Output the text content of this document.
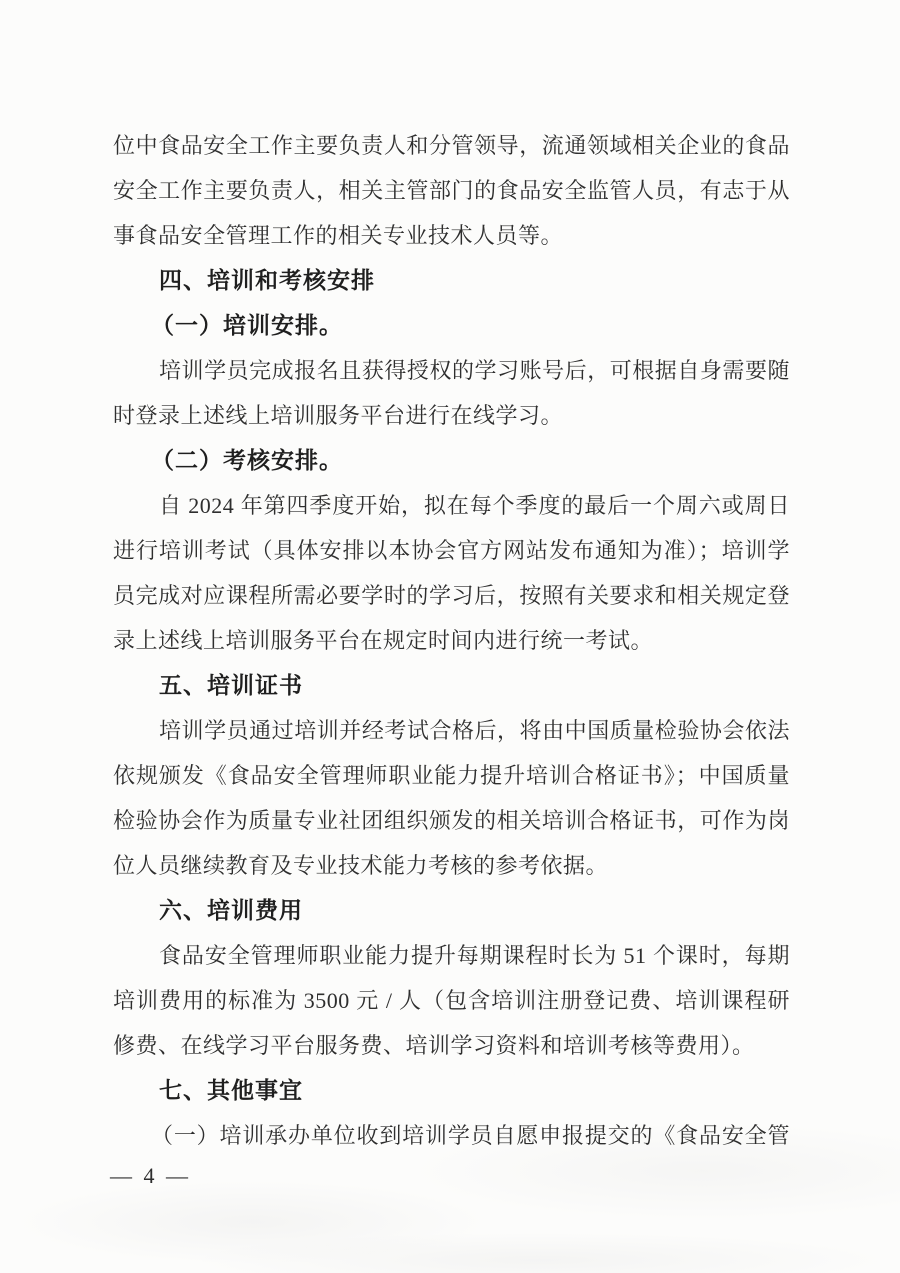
位中食品安全工作主要负责人和分管领导，流通领域相关企业的食品
安全工作主要负责人，相关主管部门的食品安全监管人员，有志于从
事食品安全管理工作的相关专业技术人员等。
四、培训和考核安排
（一）培训安排。
培训学员完成报名且获得授权的学习账号后，可根据自身需要随
时登录上述线上培训服务平台进行在线学习。
（二）考核安排。
自 2024 年第四季度开始，拟在每个季度的最后一个周六或周日
进行培训考试（具体安排以本协会官方网站发布通知为准）；培训学
员完成对应课程所需必要学时的学习后，按照有关要求和相关规定登
录上述线上培训服务平台在规定时间内进行统一考试。
五、培训证书
培训学员通过培训并经考试合格后，将由中国质量检验协会依法
依规颁发《食品安全管理师职业能力提升培训合格证书》；中国质量
检验协会作为质量专业社团组织颁发的相关培训合格证书，可作为岗
位人员继续教育及专业技术能力考核的参考依据。
六、培训费用
食品安全管理师职业能力提升每期课程时长为 51 个课时，每期
培训费用的标准为 3500 元 / 人（包含培训注册登记费、培训课程研
修费、在线学习平台服务费、培训学习资料和培训考核等费用）。
七、其他事宜
（一）培训承办单位收到培训学员自愿申报提交的《食品安全管
— 4 —
